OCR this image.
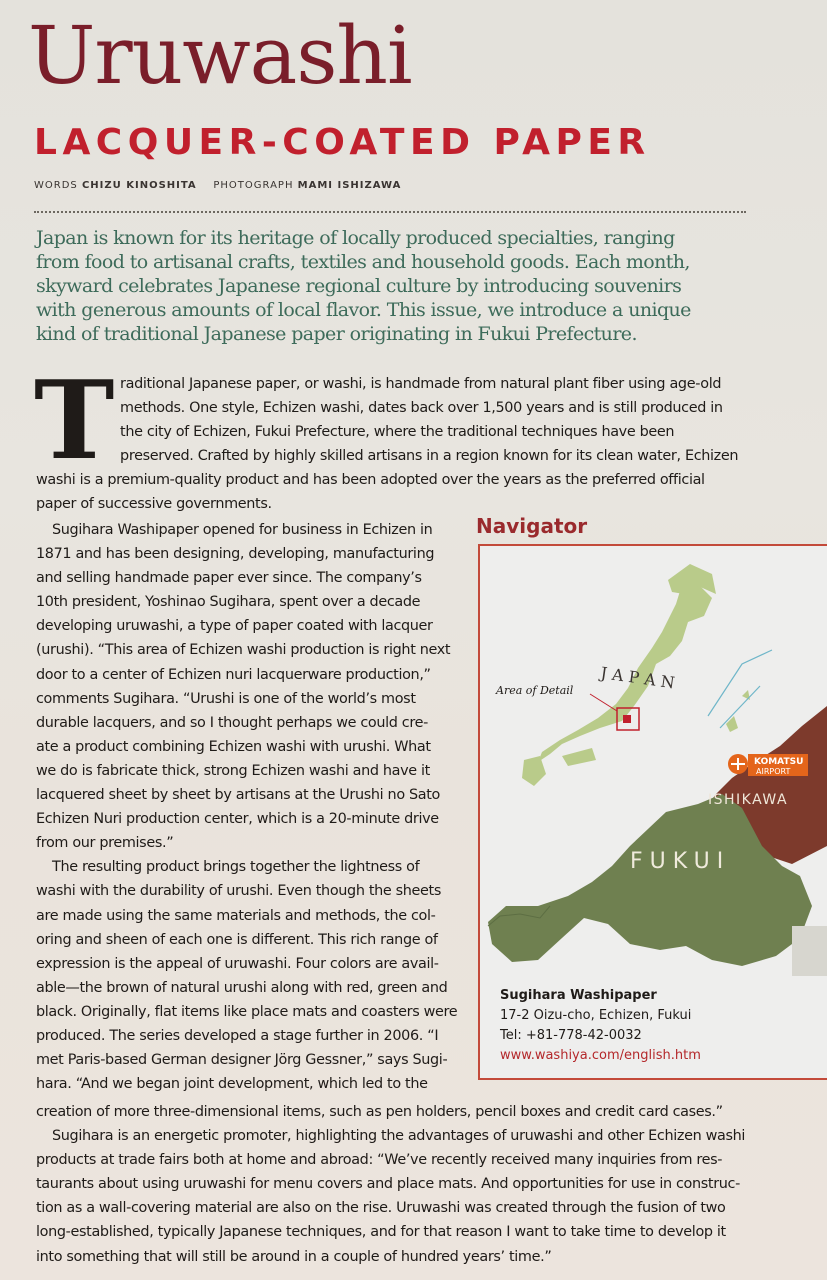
Uruwashi
LACQUER-COATED PAPER
WORDS CHIZU KINOSHITA PHOTOGRAPH MAMI ISHIZAWA
Japan is known for its heritage of locally produced specialties, ranging
from food to artisanal crafts, textiles and household goods. Each month,
skyward celebrates Japanese regional culture by introducing souvenirs
with generous amounts of local flavor. This issue, we introduce a unique
kind of traditional Japanese paper originating in Fukui Prefecture.
T raditional Japanese paper, or washi, is handmade from natural plant fiber using age-old methods. One style, Echizen washi, dates back over 1,500 years and is still produced in the city of Echizen, Fukui Prefecture, where the traditional techniques have been preserved. Crafted by highly skilled artisans in a region known for its clean water, Echizen washi is a premium-quality product and has been adopted over the years as the preferred official paper of successive governments.
Sugihara Washipaper opened for business in Echizen in
1871 and has been designing, developing, manufacturing
and selling handmade paper ever since. The company’s
10th president, Yoshinao Sugihara, spent over a decade
developing uruwashi, a type of paper coated with lacquer
(urushi). “This area of Echizen washi production is right next
door to a center of Echizen nuri lacquerware production,”
comments Sugihara. “Urushi is one of the world’s most
durable lacquers, and so I thought perhaps we could cre-
ate a product combining Echizen washi with urushi. What
we do is fabricate thick, strong Echizen washi and have it
lacquered sheet by sheet by artisans at the Urushi no Sato
Echizen Nuri production center, which is a 20-minute drive
from our premises.”
The resulting product brings together the lightness of
washi with the durability of urushi. Even though the sheets
are made using the same materials and methods, the col-
oring and sheen of each one is different. This rich range of
expression is the appeal of uruwashi. Four colors are avail-
able—the brown of natural urushi along with red, green and
black. Originally, flat items like place mats and coasters were
produced. The series developed a stage further in 2006. “I
met Paris-based German designer Jörg Gessner,” says Sugi-
hara. “And we began joint development, which led to the
creation of more three-dimensional items, such as pen holders, pencil boxes and credit card cases.”
Sugihara is an energetic promoter, highlighting the advantages of uruwashi and other Echizen washi
products at trade fairs both at home and abroad: “We’ve recently received many inquiries from res-
taurants about using uruwashi for menu covers and place mats. And opportunities for use in construc-
tion as a wall-covering material are also on the rise. Uruwashi was created through the fusion of two
long-established, typically Japanese techniques, and for that reason I want to take time to develop it
into something that will still be around in a couple of hundred years’ time.”
Navigator
J A P A N
Area of Detail
KOMATSU
AIRPORT
ISHIKAWA
FUKUI
Sugihara Washipaper
17-2 Oizu-cho, Echizen, Fukui
Tel: +81-778-42-0032
www.washiya.com/english.htm
